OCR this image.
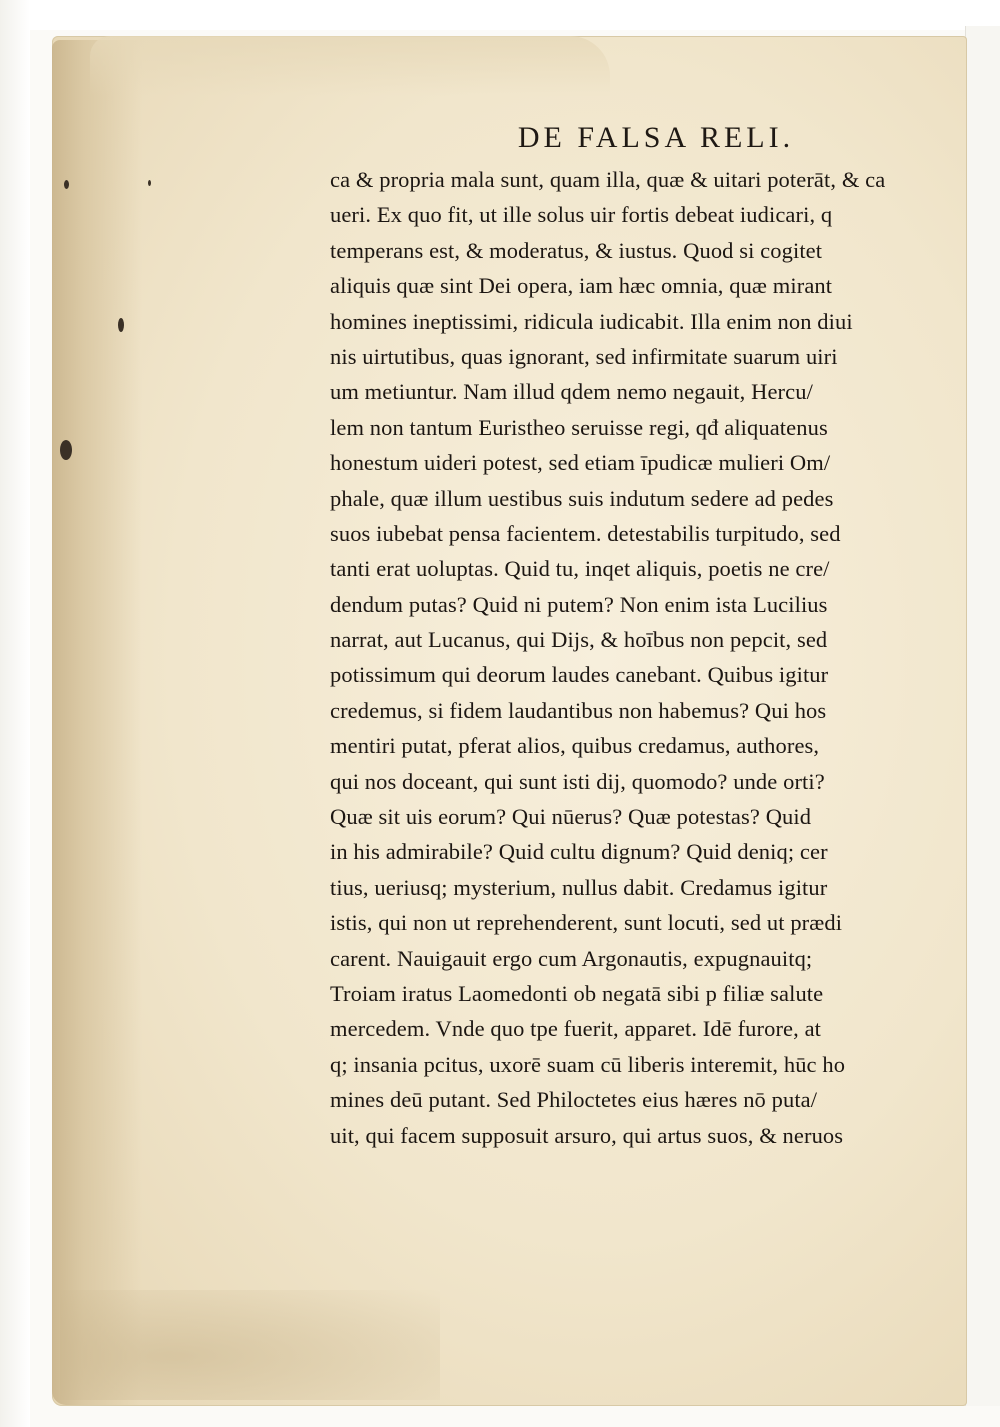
DE FALSA RELI.
ca & propria mala sunt, quam illa, quæ & uitari poterāt, & ca
ueri. Ex quo fit, ut ille solus uir fortis debeat iudicari, q
temperans est, & moderatus, & iustus. Quod si cogitet
aliquis quæ sint Dei opera, iam hæc omnia, quæ mirant
homines ineptissimi, ridicula iudicabit. Illa enim non diui
nis uirtutibus, quas ignorant, sed infirmitate suarum uiri
um metiuntur. Nam illud qdem nemo negauit, Hercu/
lem non tantum Euristheo seruisse regi, qđ aliquatenus
honestum uideri potest, sed etiam īpudicæ mulieri Om/
phale, quæ illum uestibus suis indutum sedere ad pedes
suos iubebat pensa facientem. detestabilis turpitudo, sed
tanti erat uoluptas. Quid tu, inqet aliquis, poetis ne cre/
dendum putas? Quid ni putem? Non enim ista Lucilius
narrat, aut Lucanus, qui Dijs, & hoībus non pepcit, sed
potissimum qui deorum laudes canebant. Quibus igitur
credemus, si fidem laudantibus non habemus? Qui hos
mentiri putat, pferat alios, quibus credamus, authores,
qui nos doceant, qui sunt isti dij, quomodo? unde orti?
Quæ sit uis eorum? Qui nūerus? Quæ potestas? Quid
in his admirabile? Quid cultu dignum? Quid deniq; cer
tius, ueriusq; mysterium, nullus dabit. Credamus igitur
istis, qui non ut reprehenderent, sunt locuti, sed ut prædi
carent. Nauigauit ergo cum Argonautis, expugnauitq;
Troiam iratus Laomedonti ob negatā sibi p filiæ salute
mercedem. Vnde quo tpe fuerit, apparet. Idē furore, at
q; insania pcitus, uxorē suam cū liberis interemit, hūc ho
mines deū putant. Sed Philoctetes eius hæres nō puta/
uit, qui facem supposuit arsuro, qui artus suos, & neruos
